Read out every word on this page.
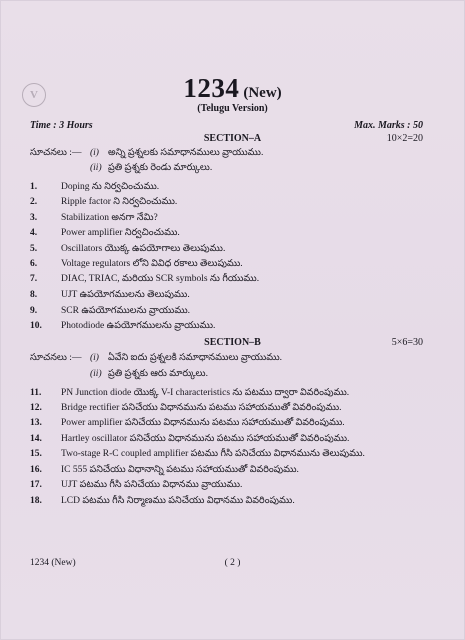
V	1234 (New)
(Telugu Version)
Time : 3 Hours	Max. Marks : 50
SECTION–A	10×2=20
సూచనలు :— (i) అన్ని ప్రశ్నలకు సమాధానములు వ్రాయుము.
(ii) ప్రతి ప్రశ్నకు రెండు మార్కులు.
1.	Doping ను నిర్వచించుము.
2.	Ripple factor ని నిర్వచించుము.
3.	Stabilization అనగా నేమి?
4.	Power amplifier నిర్వచించుము.
5.	Oscillators యొక్క ఉపయోగాలు తెలుపుము.
6.	Voltage regulators లోని వివిధ రకాలు తెలుపుము.
7.	DIAC, TRIAC, మరియు SCR symbols ను గీయుము.
8.	UJT ఉపయోగములను తెలుపుము.
9.	SCR ఉపయోగములను వ్రాయుము.
10. Photodiode ఉపయోగములను వ్రాయుము.
SECTION–B	5×6=30
సూచనలు :— (i) ఏవేని ఐదు ప్రశ్నలకి సమాధానములు వ్రాయుము.
(ii) ప్రతి ప్రశ్నకు ఆరు మార్కులు.
11. PN Junction diode యొక్క V-I characteristics ను పటము ద్వారా వివరింపుము.
12. Bridge rectifier పనిచేయు విధానమును పటము సహాయముతో వివరింపుము.
13. Power amplifier పనిచేయు విధానమును పటము సహాయముతో వివరింపుము.
14. Hartley oscillator పనిచేయు విధానమును పటము సహాయముతో వివరింపుము.
15. Two-stage R-C coupled amplifier పటము గీసి పనిచేయు విధానమును తెలుపుము.
16. IC 555 పనిచేయు విధానాన్ని పటము సహాయముతో వివరింపుము.
17. UJT పటము గీసి పనిచేయు విధానము వ్రాయుము.
18. LCD పటము గీసి నిర్మాణము పనిచేయు విధానము వివరింపుము.
1234 (New)	( 2 )
